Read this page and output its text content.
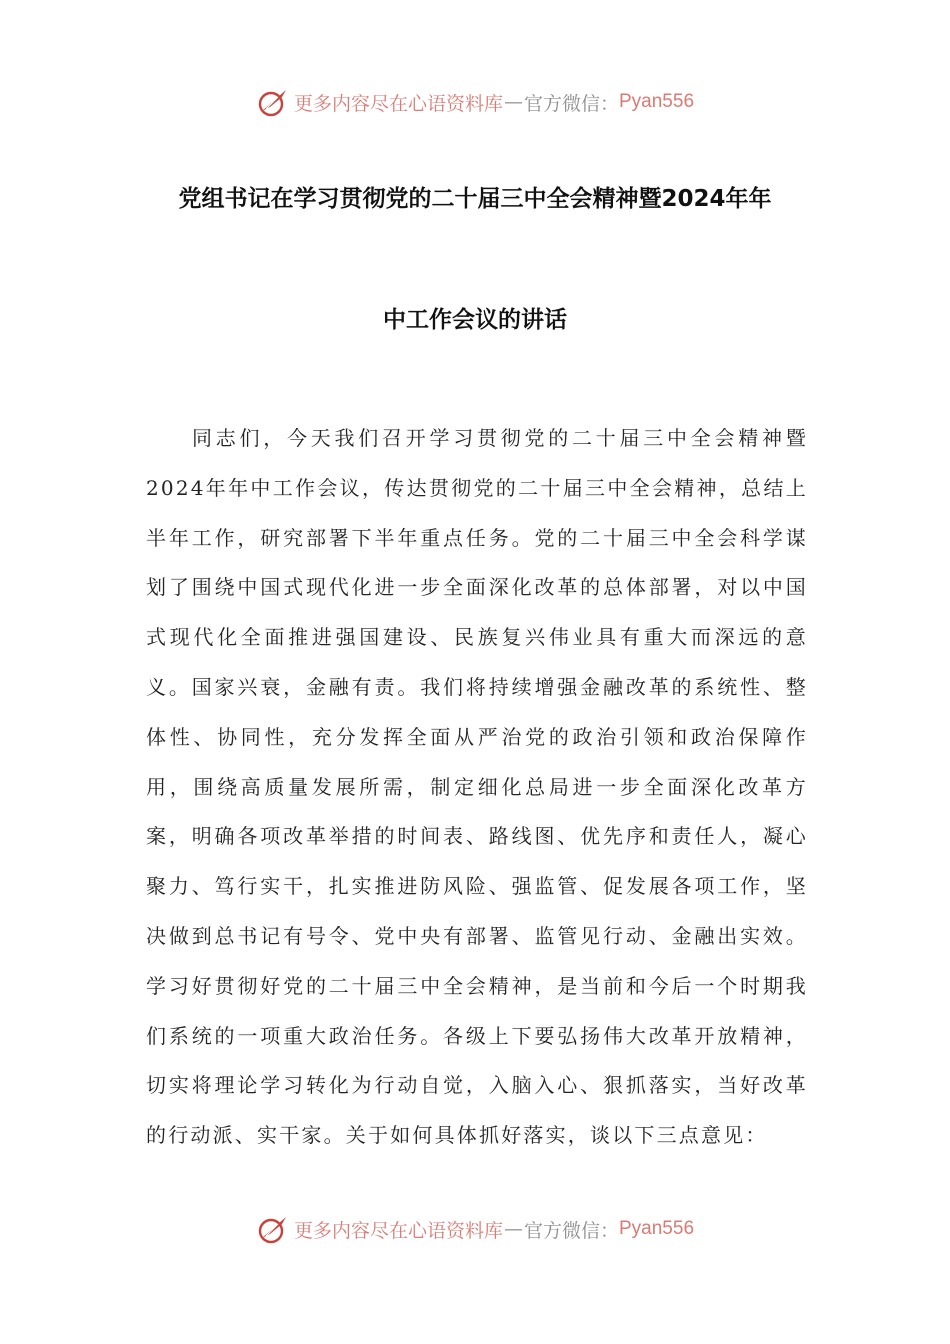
更多内容尽在心语资料库 — 官方微信： Pyan556
党组书记在学习贯彻党的二十届三中全会精神暨2024年年
中工作会议的讲话

同志们，今天我们召开学习贯彻党的二十届三中全会精神暨2024年年中工作会议，传达贯彻党的二十届三中全会精神，总结上半年工作，研究部署下半年重点任务。党的二十届三中全会科学谋划了围绕中国式现代化进一步全面深化改革的总体部署，对以中国式现代化全面推进强国建设、民族复兴伟业具有重大而深远的意义。国家兴衰，金融有责。我们将持续增强金融改革的系统性、整体性、协同性，充分发挥全面从严治党的政治引领和政治保障作用，围绕高质量发展所需，制定细化总局进一步全面深化改革方案，明确各项改革举措的时间表、路线图、优先序和责任人，凝心聚力、笃行实干，扎实推进防风险、强监管、促发展各项工作，坚决做到总书记有号令、党中央有部署、监管见行动、金融出实效。学习好贯彻好党的二十届三中全会精神，是当前和今后一个时期我们系统的一项重大政治任务。各级上下要弘扬伟大改革开放精神，切实将理论学习转化为行动自觉，入脑入心、狠抓落实，当好改革的行动派、实干家。关于如何具体抓好落实，谈以下三点意见：

更多内容尽在心语资料库 — 官方微信： Pyan556
